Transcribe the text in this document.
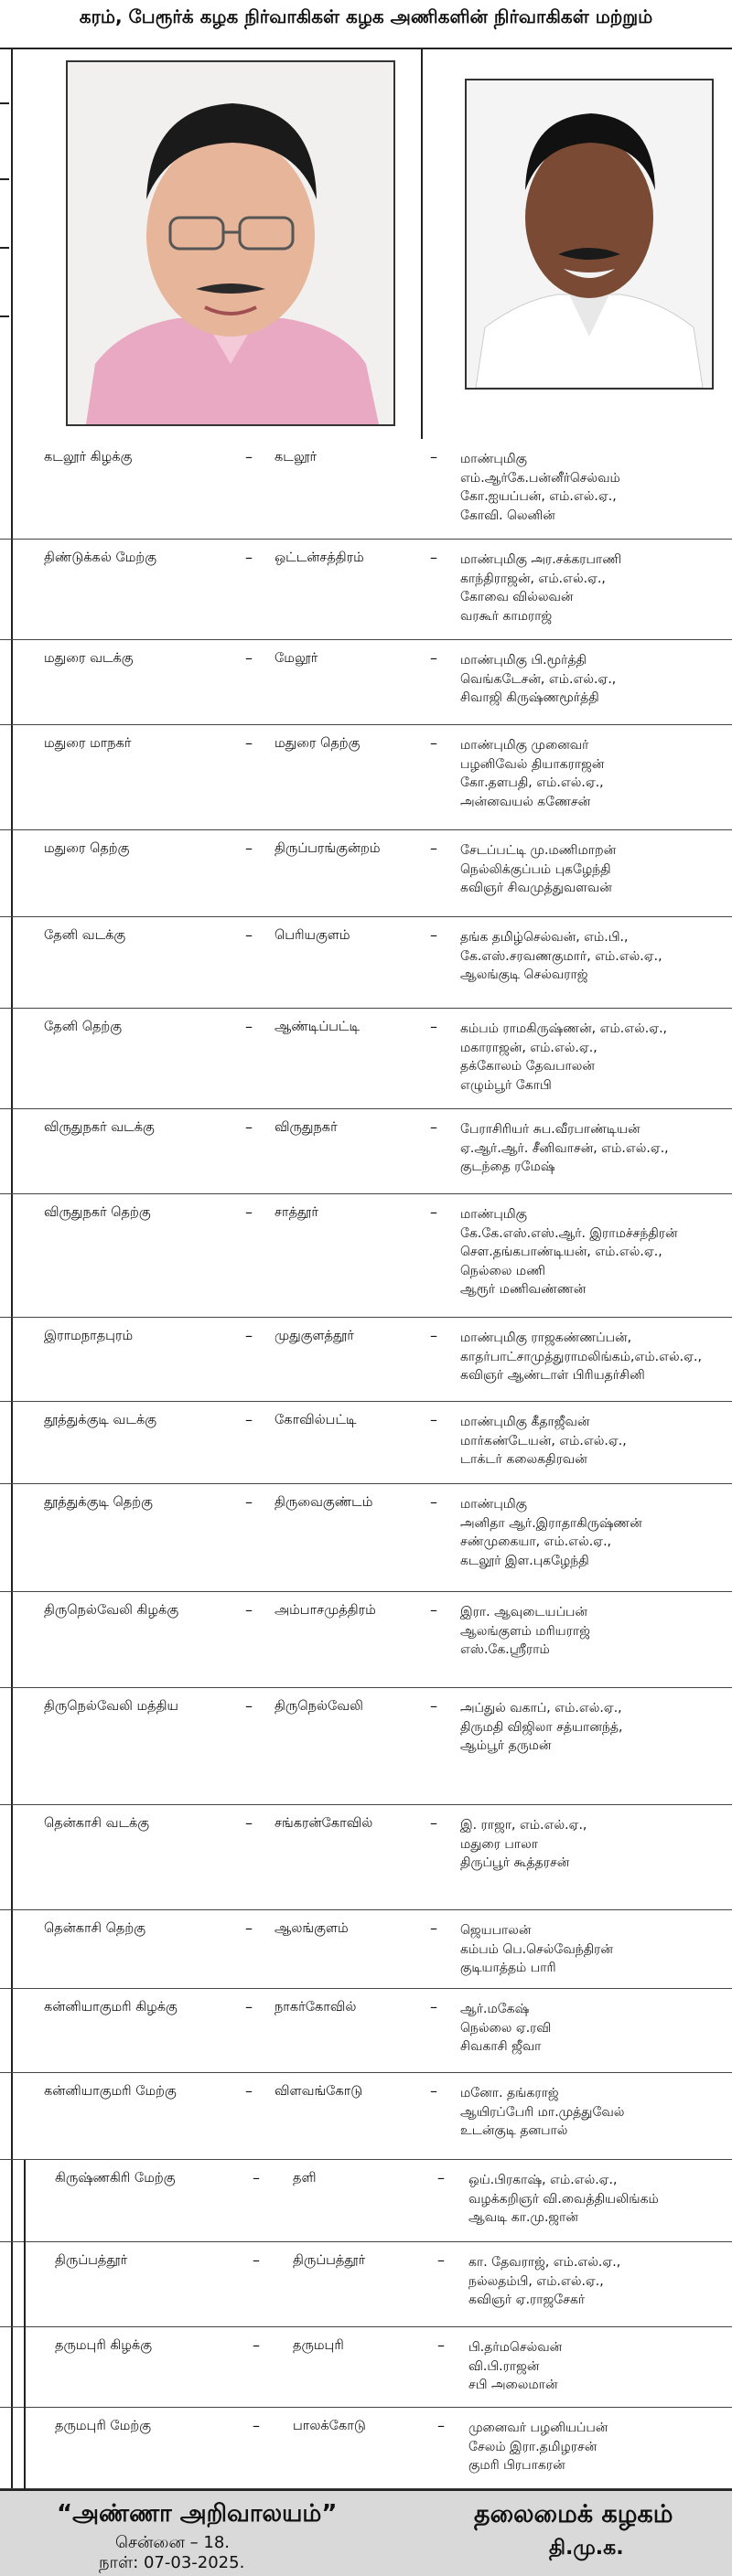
கரம், பேரூர்க் கழக நிர்வாகிகள் கழக அணிகளின் நிர்வாகிகள் மற்றும்
கடலூர் கிழக்கு	– கடலூர்	– மாண்புமிகு
எம்.ஆர்கே.பன்னீர்செல்வம்
கோ.ஐயப்பன், எம்.எல்.ஏ.,
கோவி. லெனின்
திண்டுக்கல் மேற்கு	– ஒட்டன்சத்திரம்	– மாண்புமிகு அர.சக்கரபாணி
காந்திராஜன், எம்.எல்.ஏ.,
கோவை வில்லவன்
வரகூர் காமராஜ்
மதுரை வடக்கு	– மேலூர்	– மாண்புமிகு பி.மூர்த்தி
வெங்கடேசன், எம்.எல்.ஏ.,
சிவாஜி கிருஷ்ணமூர்த்தி
மதுரை மாநகர்	– மதுரை தெற்கு	– மாண்புமிகு முனைவர்
பழனிவேல் தியாகராஜன்
கோ.தளபதி, எம்.எல்.ஏ.,
அன்னவயல் கணேசன்
மதுரை தெற்கு	– திருப்பரங்குன்றம்	– சேடப்பட்டி மு.மணிமாறன்
நெல்லிக்குப்பம் புகழேந்தி
கவிஞர் சிவமுத்துவளவன்
தேனி வடக்கு	– பெரியகுளம்	– தங்க தமிழ்செல்வன், எம்.பி.,
கே.எஸ்.சரவணகுமார், எம்.எல்.ஏ.,
ஆலங்குடி செல்வராஜ்
தேனி தெற்கு	– ஆண்டிப்பட்டி	– கம்பம் ராமகிருஷ்ணன், எம்.எல்.ஏ.,
மகாராஜன், எம்.எல்.ஏ.,
தக்கோலம் தேவபாலன்
எழும்பூர் கோபி
விருதுநகர் வடக்கு	– விருதுநகர்	– பேராசிரியர் சுப.வீரபாண்டியன்
ஏ.ஆர்.ஆர். சீனிவாசன், எம்.எல்.ஏ.,
குடந்தை ரமேஷ்
விருதுநகர் தெற்கு	– சாத்தூர்	– மாண்புமிகு
கே.கே.எஸ்.எஸ்.ஆர். இராமச்சந்திரன்
சௌ.தங்கபாண்டியன், எம்.எல்.ஏ.,
நெல்லை மணி
ஆரூர் மணிவண்ணன்
இராமநாதபுரம்	– முதுகுளத்தூர்	– மாண்புமிகு ராஜகண்ணப்பன்,
காதர்பாட்சாமுத்துராமலிங்கம்,எம்.எல்.ஏ.,
கவிஞர் ஆண்டாள் பிரியதர்சினி
தூத்துக்குடி வடக்கு	– கோவில்பட்டி	– மாண்புமிகு கீதாஜீவன்
மார்கண்டேயன், எம்.எல்.ஏ.,
டாக்டர் கலைகதிரவன்
தூத்துக்குடி தெற்கு	– திருவைகுண்டம்	– மாண்புமிகு
அனிதா ஆர்.இராதாகிருஷ்ணன்
சண்முகையா, எம்.எல்.ஏ.,
கடலூர் இள.புகழேந்தி
திருநெல்வேலி கிழக்கு	– அம்பாசமுத்திரம்	– இரா. ஆவுடையப்பன்
ஆலங்குளம் மரியராஜ்
எஸ்.கே.ஸ்ரீராம்
திருநெல்வேலி மத்திய	– திருநெல்வேலி	– அப்துல் வகாப், எம்.எல்.ஏ.,
திருமதி விஜிலா சத்யானந்த்,
ஆம்பூர் தருமன்
தென்காசி வடக்கு	– சங்கரன்கோவில்	– இ. ராஜா, எம்.எல்.ஏ.,
மதுரை பாலா
திருப்பூர் கூத்தரசன்
தென்காசி தெற்கு	– ஆலங்குளம்	– ஜெயபாலன்
கம்பம் பெ.செல்வேந்திரன்
குடியாத்தம் பாரி
கன்னியாகுமரி கிழக்கு	– நாகர்கோவில்	– ஆர்.மகேஷ்
நெல்லை ஏ.ரவி
சிவகாசி ஜீவா
கன்னியாகுமரி மேற்கு	– விளவங்கோடு	– மனோ. தங்கராஜ்
ஆயிரப்பேரி மா.முத்துவேல்
உடன்குடி தனபால்
கிருஷ்ணகிரி மேற்கு	– தளி	– ஒய்.பிரகாஷ், எம்.எல்.ஏ.,
வழக்கறிஞர் வி.வைத்தியலிங்கம்
ஆவடி கா.மு.ஜான்
திருப்பத்தூர்	– திருப்பத்தூர்	– கா. தேவராஜ், எம்.எல்.ஏ.,
நல்லதம்பி, எம்.எல்.ஏ.,
கவிஞர் ஏ.ராஜசேகர்
தருமபுரி கிழக்கு	– தருமபுரி	– பி.தர்மசெல்வன்
வி.பி.ராஜன்
சபி அலைமான்
தருமபுரி மேற்கு	– பாலக்கோடு	– முனைவர் பழனியப்பன்
சேலம் இரா.தமிழரசன்
குமரி பிரபாகரன்
“அண்ணா அறிவாலயம்”
சென்னை – 18.
நாள்: 07-03-2025.
தலைமைக் கழகம்
தி.மு.க.
